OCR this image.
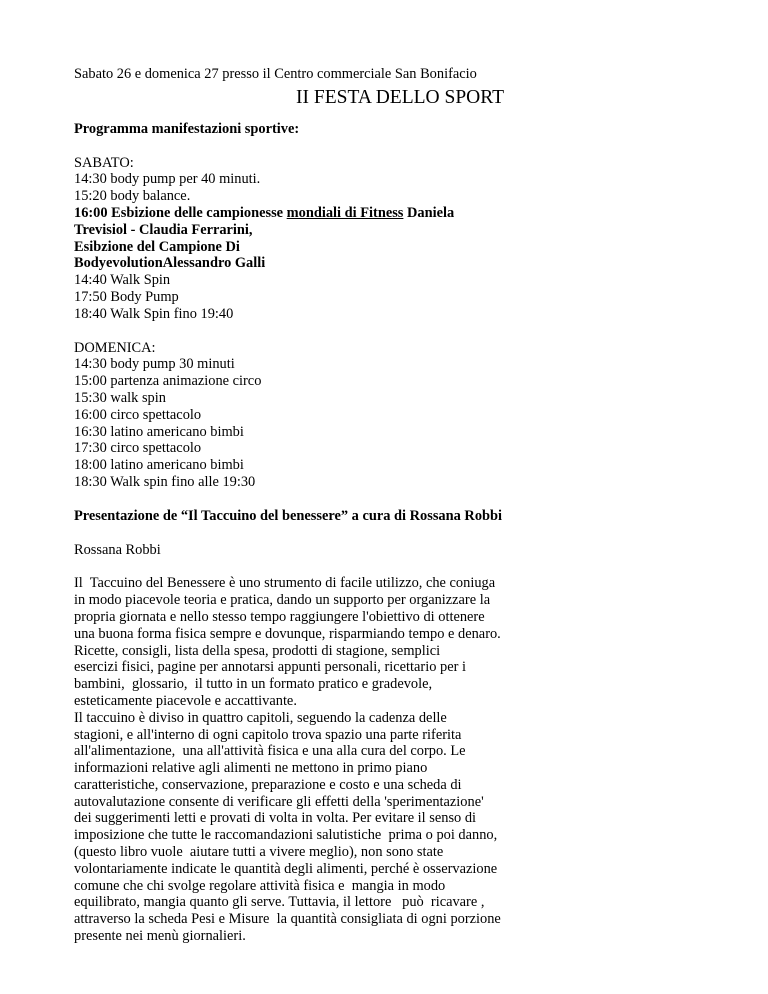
Sabato 26 e domenica 27 presso il Centro commerciale San Bonifacio
II FESTA DELLO SPORT
Programma manifestazioni sportive:
SABATO:
14:30 body pump per 40 minuti.
15:20 body balance.
16:00 Esbizione delle campionesse mondiali di Fitness Daniela
Trevisiol - Claudia Ferrarini,
Esibzione del Campione Di
BodyevolutionAlessandro Galli
14:40 Walk Spin
17:50 Body Pump
18:40 Walk Spin fino 19:40
DOMENICA:
14:30 body pump 30 minuti
15:00 partenza animazione circo
15:30 walk spin
16:00 circo spettacolo
16:30 latino americano bimbi
17:30 circo spettacolo
18:00 latino americano bimbi
18:30 Walk spin fino alle 19:30
Presentazione de “Il Taccuino del benessere” a cura di Rossana Robbi
Rossana Robbi
Il  Taccuino del Benessere è uno strumento di facile utilizzo, che coniuga
in modo piacevole teoria e pratica, dando un supporto per organizzare la
propria giornata e nello stesso tempo raggiungere l'obiettivo di ottenere
una buona forma fisica sempre e dovunque, risparmiando tempo e denaro.
Ricette, consigli, lista della spesa, prodotti di stagione, semplici
esercizi fisici, pagine per annotarsi appunti personali, ricettario per i
bambini,  glossario,  il tutto in un formato pratico e gradevole,
esteticamente piacevole e accattivante.
Il taccuino è diviso in quattro capitoli, seguendo la cadenza delle
stagioni, e all'interno di ogni capitolo trova spazio una parte riferita
all'alimentazione,  una all'attività fisica e una alla cura del corpo. Le
informazioni relative agli alimenti ne mettono in primo piano
caratteristiche, conservazione, preparazione e costo e una scheda di
autovalutazione consente di verificare gli effetti della 'sperimentazione'
dei suggerimenti letti e provati di volta in volta. Per evitare il senso di
imposizione che tutte le raccomandazioni salutistiche  prima o poi danno,
(questo libro vuole  aiutare tutti a vivere meglio), non sono state
volontariamente indicate le quantità degli alimenti, perché è osservazione
comune che chi svolge regolare attività fisica e  mangia in modo
equilibrato, mangia quanto gli serve. Tuttavia, il lettore   può  ricavare ,
attraverso la scheda Pesi e Misure  la quantità consigliata di ogni porzione
presente nei menù giornalieri.
